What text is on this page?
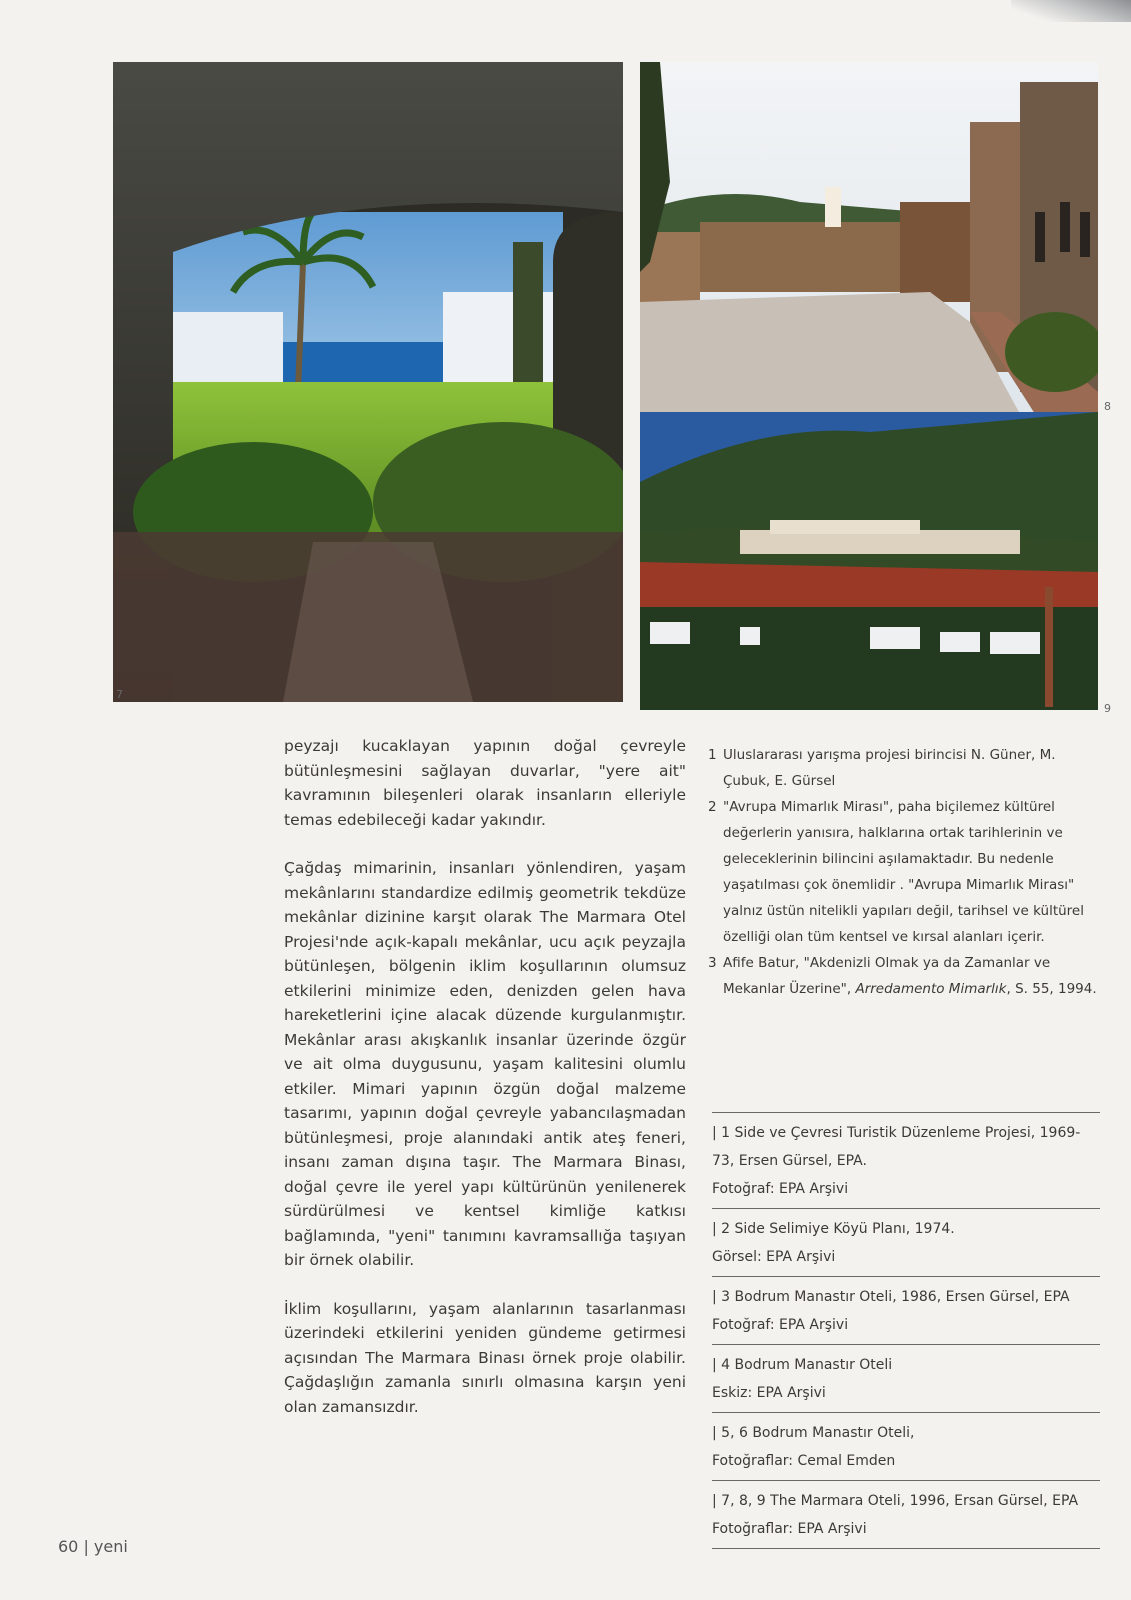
7
8
9

peyzajı kucaklayan yapının doğal çevreyle bütünleşmesini sağlayan duvarlar, "yere ait" kavramının bileşenleri olarak insanların elleriyle temas edebileceği kadar yakındır.

Çağdaş mimarinin, insanları yönlendiren, yaşam mekânlarını standardize edilmiş geometrik tekdüze mekânlar dizinine karşıt olarak The Marmara Otel Projesi'nde açık-kapalı mekânlar, ucu açık peyzajla bütünleşen, bölgenin iklim koşullarının olumsuz etkilerini minimize eden, denizden gelen hava hareketlerini içine alacak düzende kurgulanmıştır. Mekânlar arası akışkanlık insanlar üzerinde özgür ve ait olma duygusunu, yaşam kalitesini olumlu etkiler. Mimari yapının özgün doğal malzeme tasarımı, yapının doğal çevreyle yabancılaşmadan bütünleşmesi, proje alanındaki antik ateş feneri, insanı zaman dışına taşır. The Marmara Binası, doğal çevre ile yerel yapı kültürünün yenilenerek sürdürülmesi ve kentsel kimliğe katkısı bağlamında, "yeni" tanımını kavramsallığa taşıyan bir örnek olabilir.

İklim koşullarını, yaşam alanlarının tasarlanması üzerindeki etkilerini yeniden gündeme getirmesi açısından The Marmara Binası örnek proje olabilir. Çağdaşlığın zamanla sınırlı olmasına karşın yeni olan zamansızdır.

1 Uluslararası yarışma projesi birincisi N. Güner, M. Çubuk, E. Gürsel
2 "Avrupa Mimarlık Mirası", paha biçilemez kültürel değerlerin yanısıra, halklarına ortak tarihlerinin ve geleceklerinin bilincini aşılamaktadır. Bu nedenle yaşatılması çok önemlidir . "Avrupa Mimarlık Mirası" yalnız üstün nitelikli yapıları değil, tarihsel ve kültürel özelliği olan tüm kentsel ve kırsal alanları içerir.
3 Afife Batur, "Akdenizli Olmak ya da Zamanlar ve Mekanlar Üzerine", Arredamento Mimarlık, S. 55, 1994.
| 1 Side ve Çevresi Turistik Düzenleme Projesi, 1969-73, Ersen Gürsel, EPA.
Fotoğraf: EPA Arşivi
| 2 Side Selimiye Köyü Planı, 1974.
Görsel: EPA Arşivi
| 3 Bodrum Manastır Oteli, 1986, Ersen Gürsel, EPA
Fotoğraf: EPA Arşivi
| 4 Bodrum Manastır Oteli
Eskiz: EPA Arşivi
| 5, 6 Bodrum Manastır Oteli,
Fotoğraflar: Cemal Emden
| 7, 8, 9 The Marmara Oteli, 1996, Ersan Gürsel, EPA
Fotoğraflar: EPA Arşivi
60 | yeni
